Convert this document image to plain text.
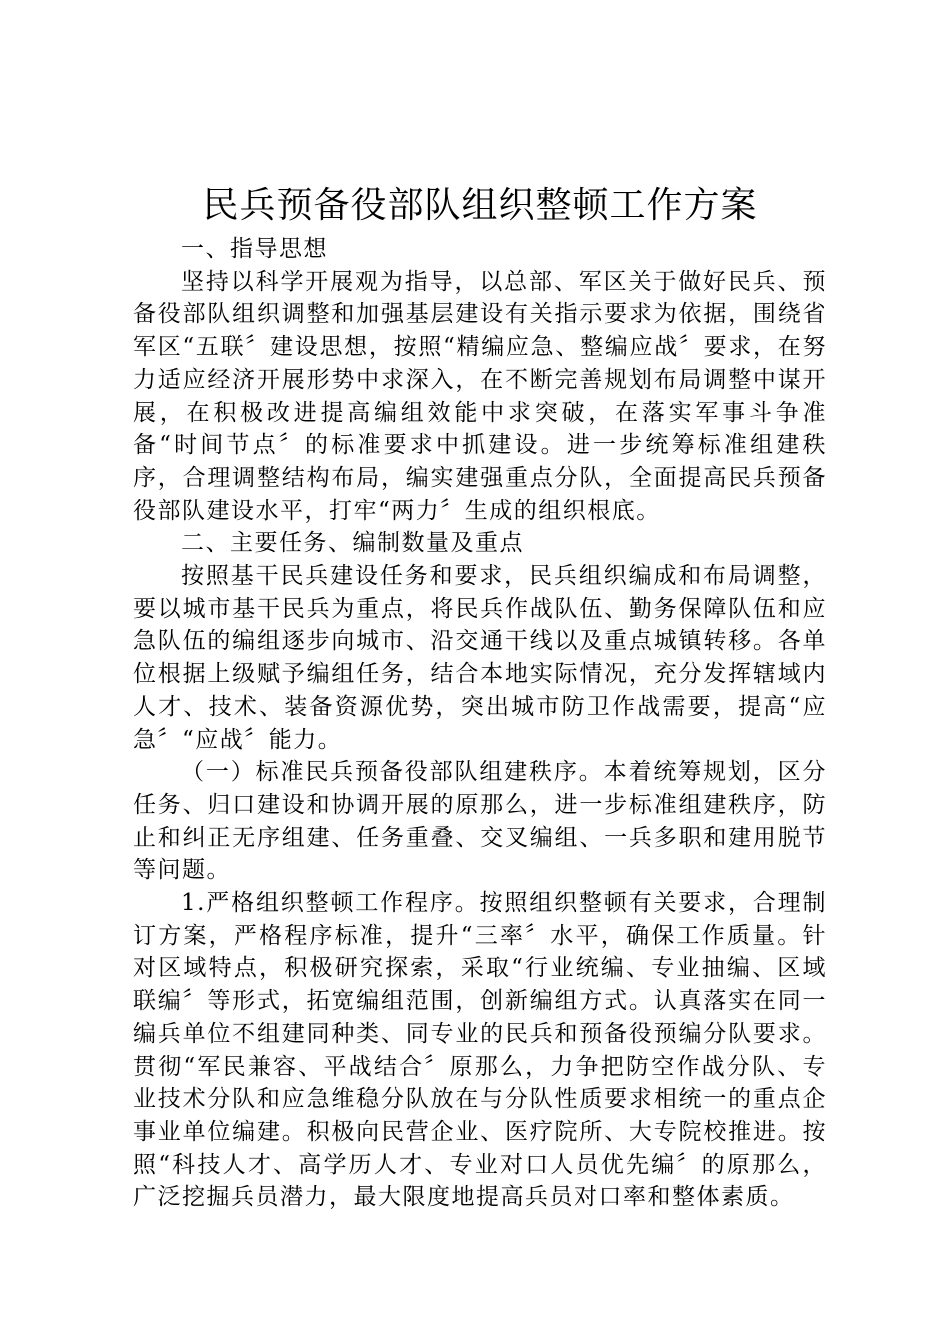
民兵预备役部队组织整顿工作方案

一、指导思想

坚持以科学开展观为指导，以总部、军区关于做好民兵、预备役部队组织调整和加强基层建设有关指示要求为依据，围绕省军区“五联〞建设思想，按照“精编应急、整编应战〞要求，在努力适应经济开展形势中求深入，在不断完善规划布局调整中谋开展，在积极改进提高编组效能中求突破，在落实军事斗争准备“时间节点〞的标准要求中抓建设。进一步统筹标准组建秩序，合理调整结构布局，编实建强重点分队，全面提高民兵预备役部队建设水平，打牢“两力〞生成的组织根底。

二、主要任务、编制数量及重点

按照基干民兵建设任务和要求，民兵组织编成和布局调整，要以城市基干民兵为重点，将民兵作战队伍、勤务保障队伍和应急队伍的编组逐步向城市、沿交通干线以及重点城镇转移。各单位根据上级赋予编组任务，结合本地实际情况，充分发挥辖域内人才、技术、装备资源优势，突出城市防卫作战需要，提高“应急〞“应战〞能力。

（一）标准民兵预备役部队组建秩序。本着统筹规划，区分任务、归口建设和协调开展的原那么，进一步标准组建秩序，防止和纠正无序组建、任务重叠、交叉编组、一兵多职和建用脱节等问题。

1.严格组织整顿工作程序。按照组织整顿有关要求，合理制订方案，严格程序标准，提升“三率〞水平，确保工作质量。针对区域特点，积极研究探索，采取“行业统编、专业抽编、区域联编〞等形式，拓宽编组范围，创新编组方式。认真落实在同一编兵单位不组建同种类、同专业的民兵和预备役预编分队要求。贯彻“军民兼容、平战结合〞原那么，力争把防空作战分队、专业技术分队和应急维稳分队放在与分队性质要求相统一的重点企事业单位编建。积极向民营企业、医疗院所、大专院校推进。按照“科技人才、高学历人才、专业对口人员优先编〞的原那么，广泛挖掘兵员潜力，最大限度地提高兵员对口率和整体素质。
